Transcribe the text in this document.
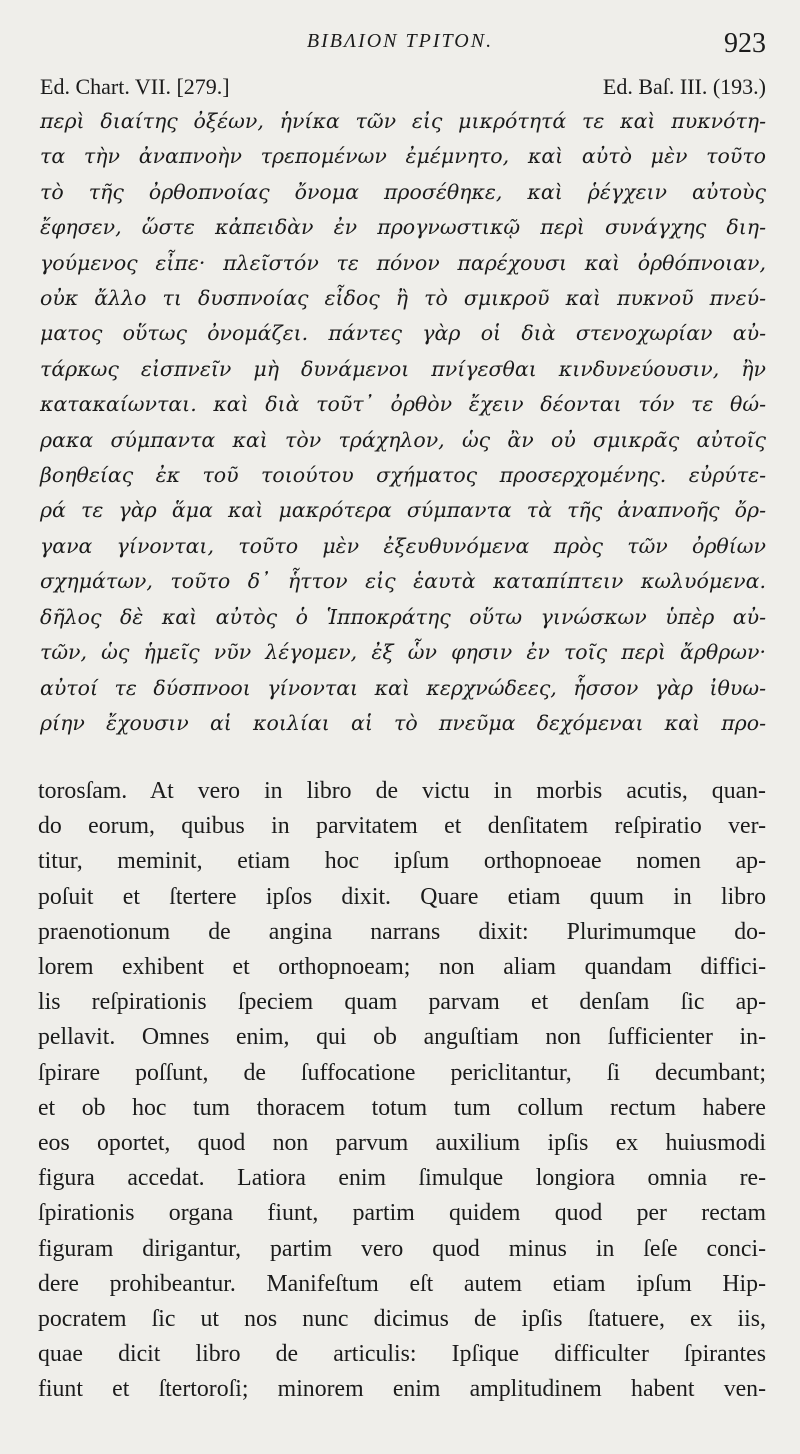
ΒΙΒΛΙΟΝ ΤΡΙΤΟΝ.	923
Ed. Chart. VII. [279.]	Ed. Baſ. III. (193.)
περὶ διαίτης ὀξέων, ἡνίκα τῶν εἰς μικρότητά τε καὶ πυκνότη-
τα τὴν ἀναπνοὴν τρεπομένων ἐμέμνητο, καὶ αὐτὸ μὲν τοῦτο
τὸ τῆς ὀρθοπνοίας ὄνομα προσέθηκε, καὶ ῥέγχειν αὐτοὺς
ἔφησεν, ὥστε κἀπειδὰν ἐν προγνωστικῷ περὶ συνάγχης διη-
γούμενος εἶπε· πλεῖστόν τε πόνον παρέχουσι καὶ ὀρθόπνοιαν,
οὐκ ἄλλο τι δυσπνοίας εἶδος ἢ τὸ σμικροῦ καὶ πυκνοῦ πνεύ-
ματος οὕτως ὀνομάζει. πάντες γὰρ οἱ διὰ στενοχωρίαν αὐ-
τάρκως εἰσπνεῖν μὴ δυνάμενοι πνίγεσθαι κινδυνεύουσιν, ἢν
κατακαίωνται. καὶ διὰ τοῦτ᾽ ὀρθὸν ἔχειν δέονται τόν τε θώ-
ρακα σύμπαντα καὶ τὸν τράχηλον, ὡς ἂν οὐ σμικρᾶς αὐτοῖς
βοηθείας ἐκ τοῦ τοιούτου σχήματος προσερχομένης. εὐρύτε-
ρά τε γὰρ ἅμα καὶ μακρότερα σύμπαντα τὰ τῆς ἀναπνοῆς ὄρ-
γανα γίνονται, τοῦτο μὲν ἐξευθυνόμενα πρὸς τῶν ὀρθίων
σχημάτων, τοῦτο δ᾽ ἧττον εἰς ἑαυτὰ καταπίπτειν κωλυόμενα.
δῆλος δὲ καὶ αὐτὸς ὁ Ἱπποκράτης οὕτω γινώσκων ὑπὲρ αὐ-
τῶν, ὡς ἡμεῖς νῦν λέγομεν, ἐξ ὧν φησιν ἐν τοῖς περὶ ἄρθρων·
αὐτοί τε δύσπνοοι γίνονται καὶ κερχνώδεες, ἧσσον γὰρ ἰθυω-
ρίην ἔχουσιν αἱ κοιλίαι αἱ τὸ πνεῦμα δεχόμεναι καὶ προ-
torosſam. At vero in libro de victu in morbis acutis, quan-
do eorum, quibus in parvitatem et denſitatem reſpiratio ver-
titur, meminit, etiam hoc ipſum orthopnoeae nomen ap-
poſuit et ſtertere ipſos dixit. Quare etiam quum in libro
praenotionum de angina narrans dixit: Plurimumque do-
lorem exhibent et orthopnoeam; non aliam quandam diffici-
lis reſpirationis ſpeciem quam parvam et denſam ſic ap-
pellavit. Omnes enim, qui ob anguſtiam non ſufficienter in-
ſpirare poſſunt, de ſuffocatione periclitantur, ſi decumbant;
et ob hoc tum thoracem totum tum collum rectum habere
eos oportet, quod non parvum auxilium ipſis ex huiusmodi
figura accedat. Latiora enim ſimulque longiora omnia re-
ſpirationis organa fiunt, partim quidem quod per rectam
figuram dirigantur, partim vero quod minus in ſeſe conci-
dere prohibeantur. Manifeſtum eſt autem etiam ipſum Hip-
pocratem ſic ut nos nunc dicimus de ipſis ſtatuere, ex iis,
quae dicit libro de articulis: Ipſique difficulter ſpirantes
fiunt et ſtertoroſi; minorem enim amplitudinem habent ven-
